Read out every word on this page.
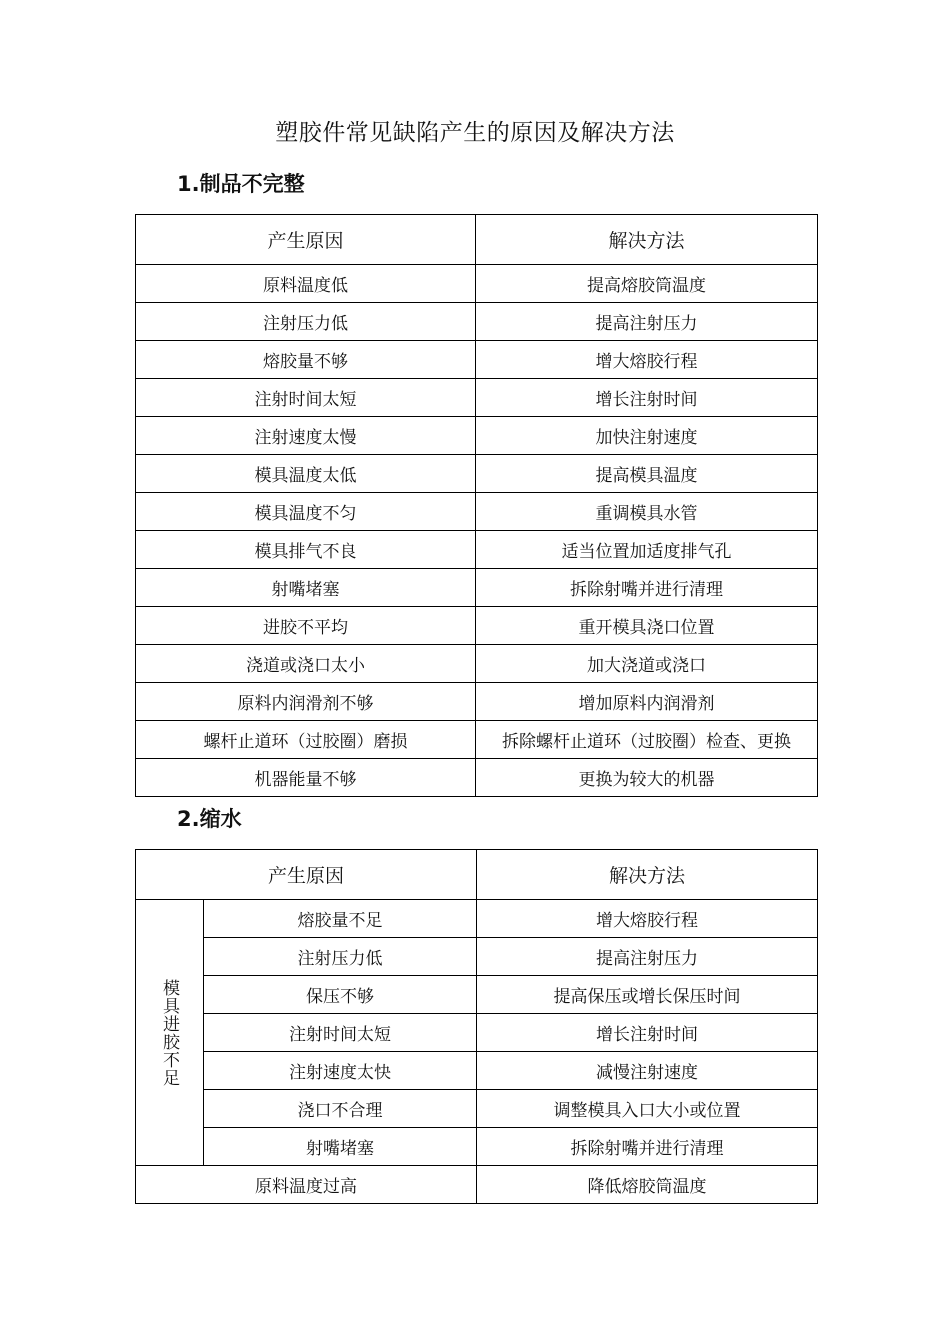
塑胶件常见缺陷产生的原因及解决方法
1.制品不完整
产生原因	解决方法
原料温度低	提高熔胶筒温度
注射压力低	提高注射压力
熔胶量不够	增大熔胶行程
注射时间太短	增长注射时间
注射速度太慢	加快注射速度
模具温度太低	提高模具温度
模具温度不匀	重调模具水管
模具排气不良	适当位置加适度排气孔
射嘴堵塞	拆除射嘴并进行清理
进胶不平均	重开模具浇口位置
浇道或浇口太小	加大浇道或浇口
原料内润滑剂不够	增加原料内润滑剂
螺杆止道环（过胶圈）磨损	拆除螺杆止道环（过胶圈）检查、更换
机器能量不够	更换为较大的机器
2.缩水
产生原因		解决方法

模具进胶不足	熔胶量不足	增大熔胶行程
	注射压力低	提高注射压力
	保压不够	提高保压或增长保压时间
	注射时间太短	增长注射时间
	注射速度太快	减慢注射速度
	浇口不合理	调整模具入口大小或位置
	射嘴堵塞	拆除射嘴并进行清理
原料温度过高		降低熔胶筒温度
